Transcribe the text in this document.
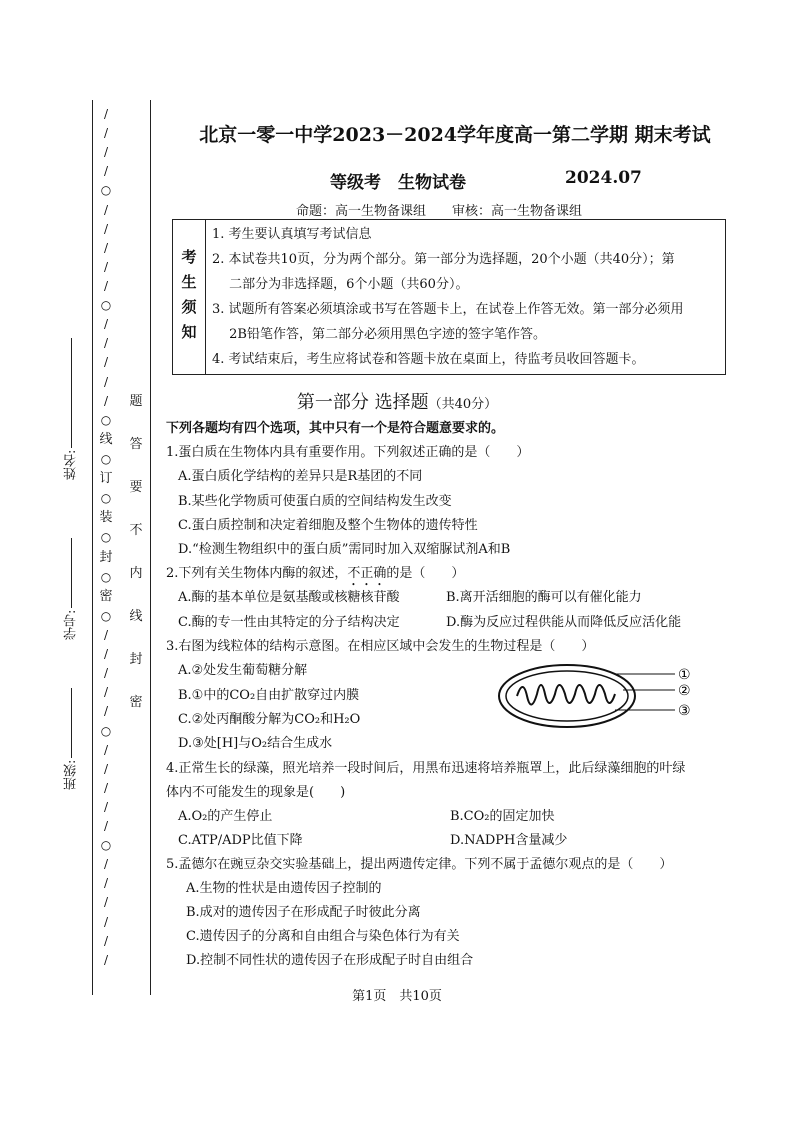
/
/
/
/
○
/
/
/
/
/
○
/
/
/
/
/
○
线
○
订
○
装
○
封
○
密
○
/
/
/
/
/
○
/
/
/
/
/
○
/
/
/
/
/
/
题
答
要
不
内
线
封
密
班级:
学号:
姓名:
北京一零一中学2023－2024学年度高一第二学期 期末考试
等级考　生物试卷	2024.07
命题：高一生物备课组　　审核：高一生物备课组
考
生
须
知

1. 考生要认真填写考试信息
2. 本试卷共10页，分为两个部分。第一部分为选择题，20个小题（共40分）；第
　 二部分为非选择题，6个小题（共60分）。
3. 试题所有答案必须填涂或书写在答题卡上，在试卷上作答无效。第一部分必须用
　 2B铅笔作答，第二部分必须用黑色字迹的签字笔作答。
4. 考试结束后，考生应将试卷和答题卡放在桌面上，待监考员收回答题卡。
第一部分 选择题（共40分）
下列各题均有四个选项，其中只有一个是符合题意要求的。
1.蛋白质在生物体内具有重要作用。下列叙述正确的是（　　）
A.蛋白质化学结构的差异只是R基团的不同
B.某些化学物质可使蛋白质的空间结构发生改变
C.蛋白质控制和决定着细胞及整个生物体的遗传特性
D.“检测生物组织中的蛋白质”需同时加入双缩脲试剂A和B
2.下列有关生物体内酶的叙述，不正确的是（　　）
A.酶的基本单位是氨基酸或核糖核苷酸	B.离开活细胞的酶可以有催化能力
C.酶的专一性由其特定的分子结构决定	D.酶为反应过程供能从而降低反应活化能
3.右图为线粒体的结构示意图。在相应区域中会发生的生物过程是（　　）
A.②处发生葡萄糖分解
B.①中的CO₂自由扩散穿过内膜
C.②处丙酮酸分解为CO₂和H₂O
D.③处[H]与O₂结合生成水
①
②
③
4.正常生长的绿藻，照光培养一段时间后，用黑布迅速将培养瓶罩上，此后绿藻细胞的叶绿
体内不可能发生的现象是(　　)
A.O₂的产生停止	B.CO₂的固定加快
C.ATP/ADP比值下降	D.NADPH含量减少
5.孟德尔在豌豆杂交实验基础上，提出两遗传定律。下列不属于孟德尔观点的是（　　）
A.生物的性状是由遗传因子控制的
B.成对的遗传因子在形成配子时彼此分离
C.遗传因子的分离和自由组合与染色体行为有关
D.控制不同性状的遗传因子在形成配子时自由组合
第1页　共10页
